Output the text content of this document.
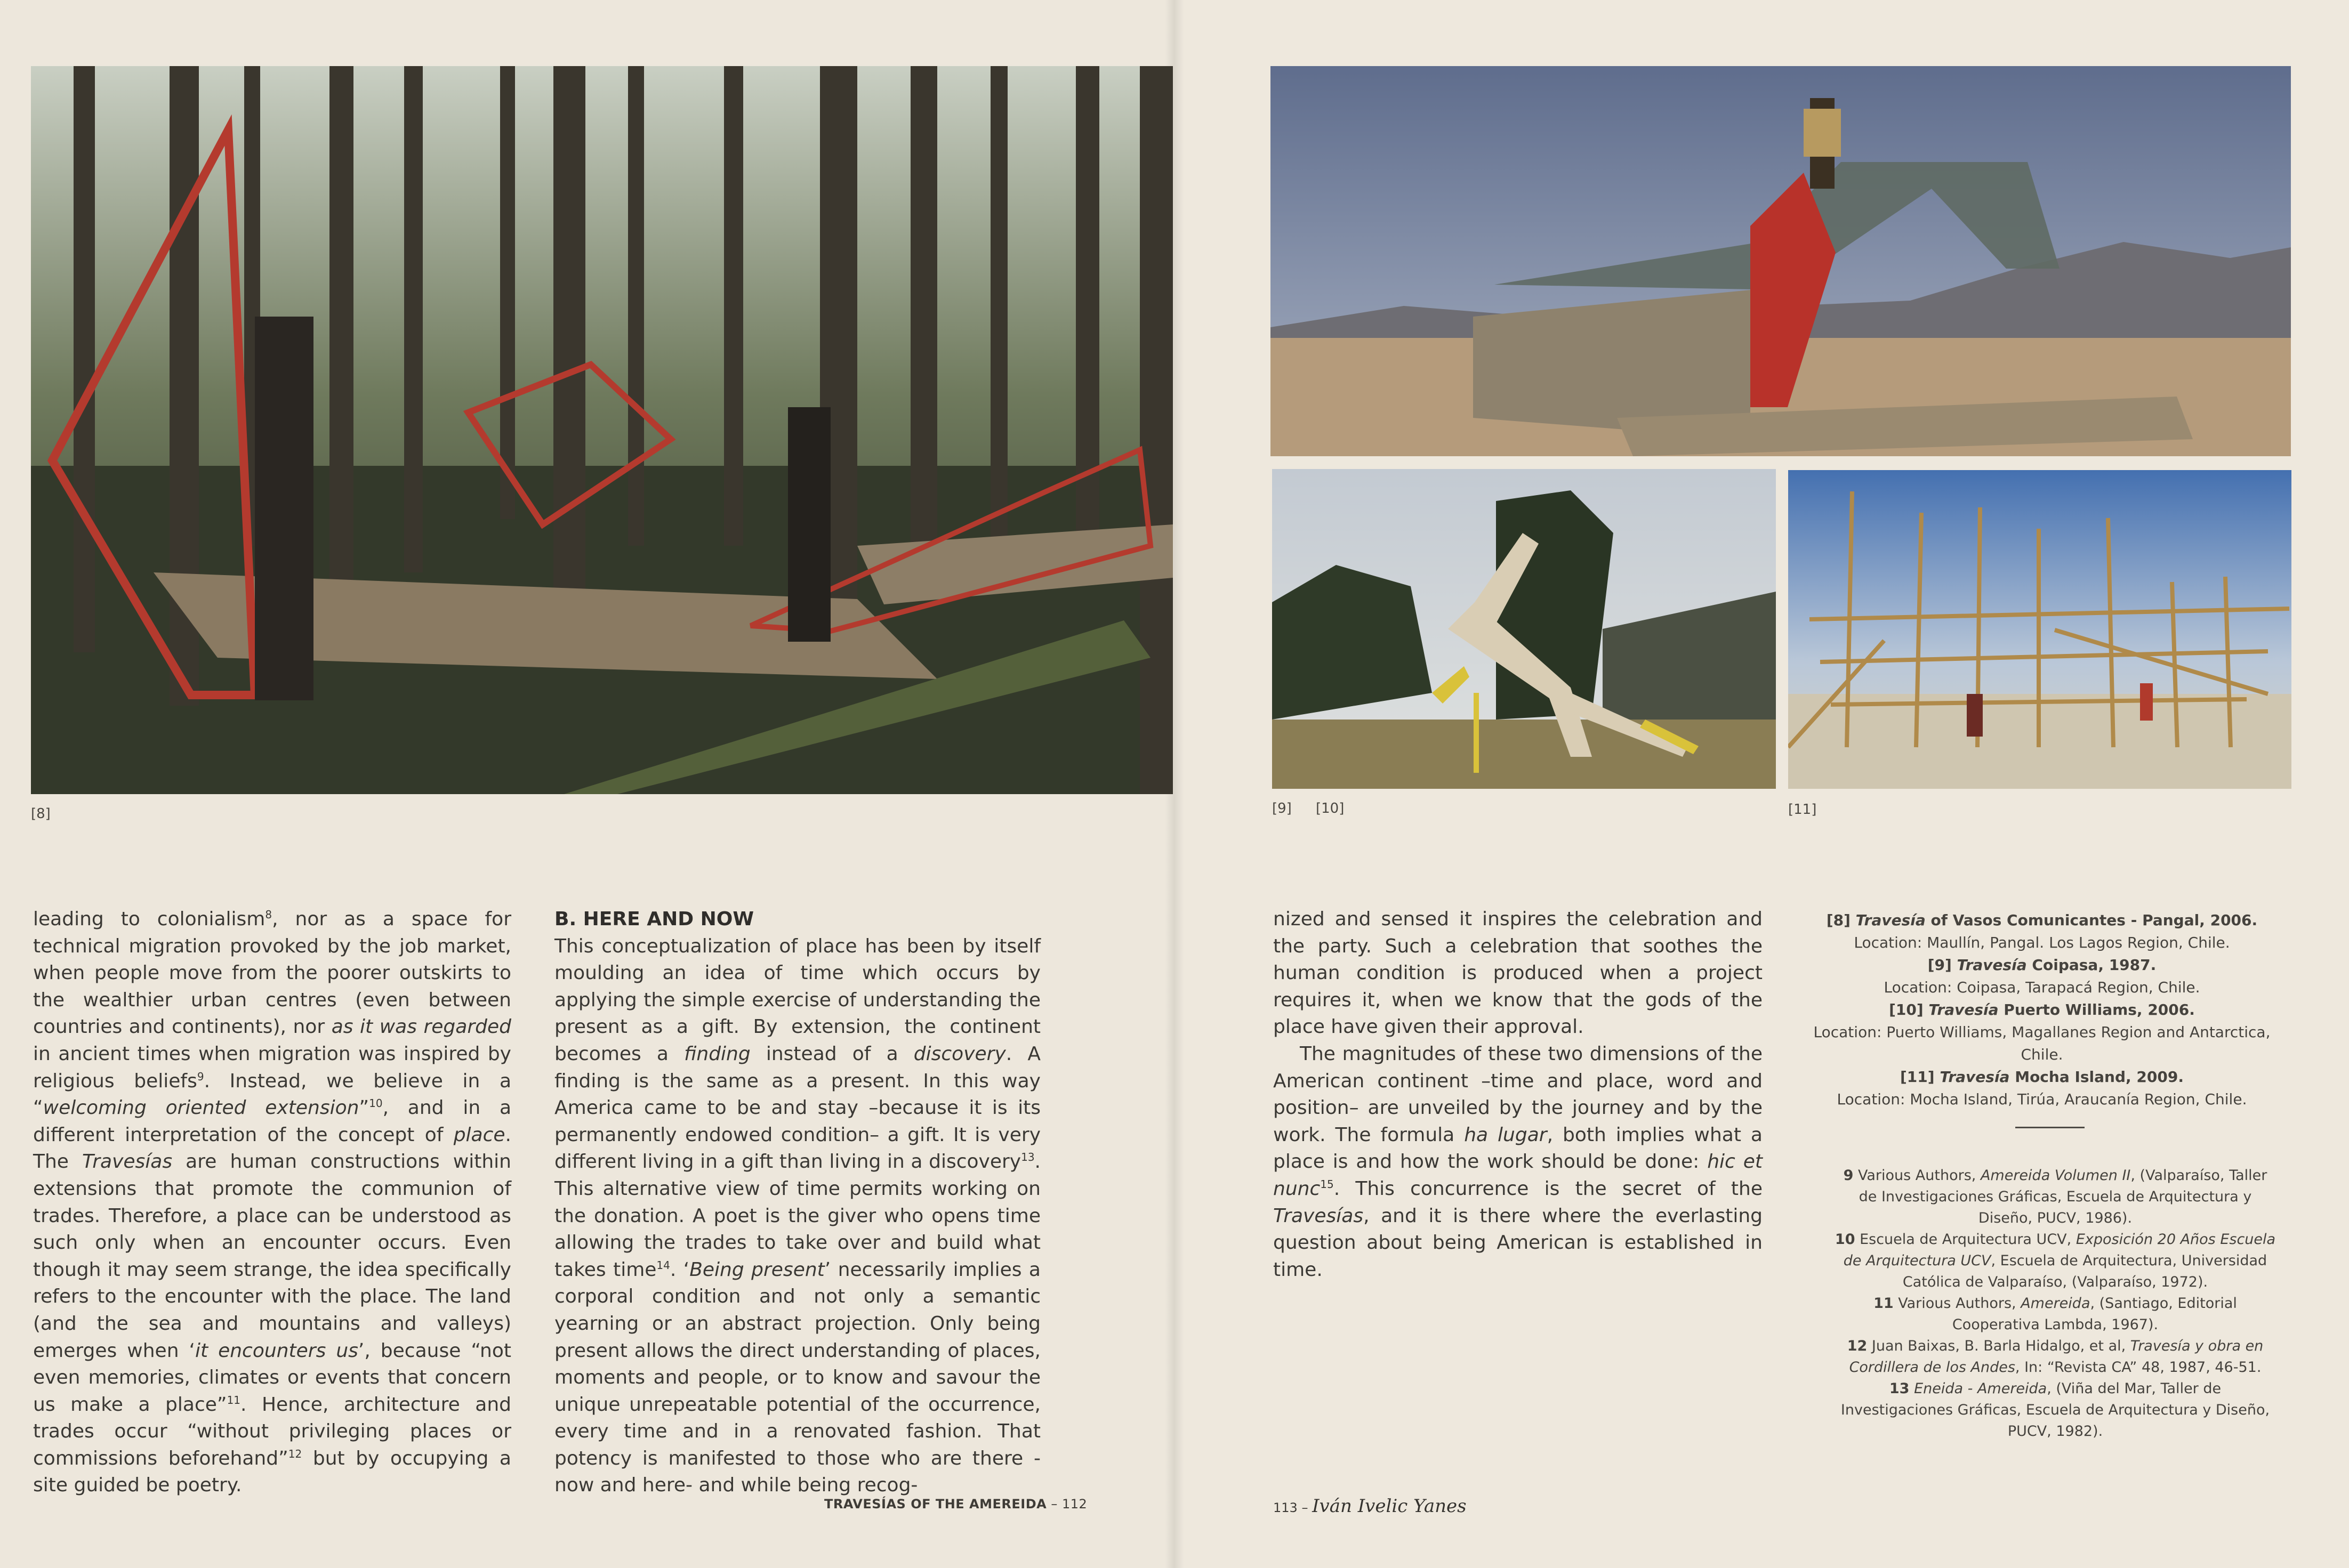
[8]	[9] [10]	[11]

leading to colonialism$^8$, nor as a space for technical migration provoked by the job market, when people move from the poorer outskirts to the wealthier urban centres (even between countries and continents), nor as it was regarded in ancient times when migration was inspired by religious beliefs$^9$. Instead, we believe in a “welcoming oriented extension”$^{10}$, and in a different interpretation of the concept of place. The Travesías are human constructions within extensions that promote the communion of trades. Therefore, a place can be understood as such only when an encounter occurs. Even though it may seem strange, the idea specifically refers to the encounter with the place. The land (and the sea and mountains and valleys) emerges when ‘it encounters us’, because “not even memories, climates or events that concern us make a place”$^{11}$. Hence, architecture and trades occur “without privileging places or commissions beforehand”$^{12}$ but by occupying a site guided be poetry.

B. HERE AND NOW

This conceptualization of place has been by itself moulding an idea of time which occurs by applying the simple exercise of understanding the present as a gift. By extension, the continent becomes a finding instead of a discovery. A finding is the same as a present. In this way America came to be and stay –because it is its permanently endowed condition– a gift. It is very different living in a gift than living in a discovery$^{13}$. This alternative view of time permits working on the donation. A poet is the giver who opens time allowing the trades to take over and build what takes time$^{14}$. ‘Being present’ necessarily implies a corporal condition and not only a semantic yearning or an abstract projection. Only being present allows the direct understanding of places, moments and people, or to know and savour the unique unrepeatable potential of the occurrence, every time and in a renovated fashion. That potency is manifested to those who are there -now and here- and while being recog-

nized and sensed it inspires the celebration and the party. Such a celebration that soothes the human condition is produced when a project requires it, when we know that the gods of the place have given their approval.

The magnitudes of these two dimensions of the American continent –time and place, word and position– are unveiled by the journey and by the work. The formula ha lugar, both implies what a place is and how the work should be done: hic et nunc$^{15}$. This concurrence is the secret of the Travesías, and it is there where the everlasting question about being American is established in time.

[8] Travesía of Vasos Comunicantes - Pangal, 2006.
Location: Maullín, Pangal. Los Lagos Region, Chile.
[9] Travesía Coipasa, 1987.
Location: Coipasa, Tarapacá Region, Chile.
[10] Travesía Puerto Williams, 2006.
Location: Puerto Williams, Magallanes Region and Antarctica, Chile.
[11] Travesía Mocha Island, 2009.
Location: Mocha Island, Tirúa, Araucanía Region, Chile.

9 Various Authors, Amereida Volumen II, (Valparaíso, Taller de Investigaciones Gráficas, Escuela de Arquitectura y Diseño, PUCV, 1986).

10 Escuela de Arquitectura UCV, Exposición 20 Años Escuela de Arquitectura UCV, Escuela de Arquitectura, Universidad Católica de Valparaíso, (Valparaíso, 1972).

11 Various Authors, Amereida, (Santiago, Editorial Cooperativa Lambda, 1967).

12 Juan Baixas, B. Barla Hidalgo, et al, Travesía y obra en Cordillera de los Andes, In: “Revista CA” 48, 1987, 46-51.

13 Eneida - Amereida, (Viña del Mar, Taller de Investigaciones Gráficas, Escuela de Arquitectura y Diseño, PUCV, 1982).

TRAVESÍAS OF THE AMEREIDA – 112	113 – Iván Ivelic Yanes
